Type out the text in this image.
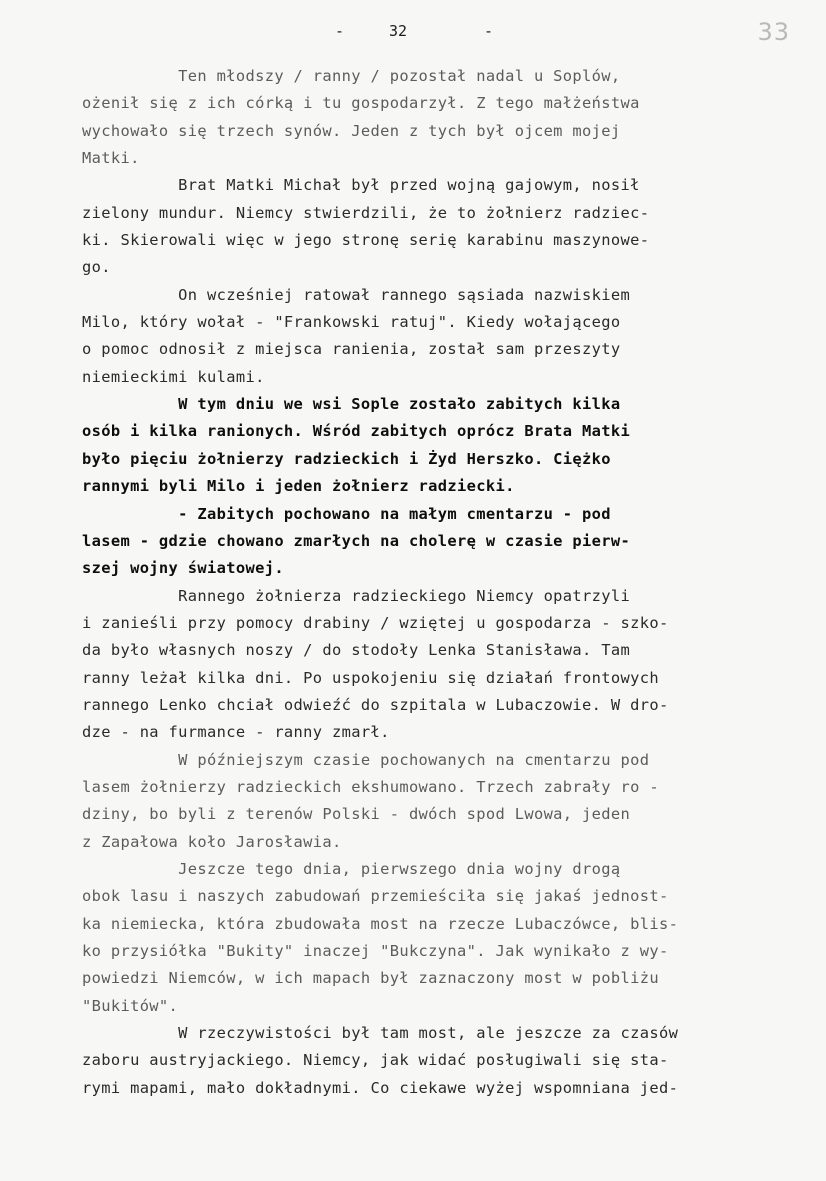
-	32	-	33
Ten młodszy / ranny / pozostał nadal u Soplów,
ożenił się z ich córką i tu gospodarzył. Z tego małżeństwa
wychowało się trzech synów. Jeden z tych był ojcem mojej
Matki.
Brat Matki Michał był przed wojną gajowym, nosił
zielony mundur. Niemcy stwierdzili, że to żołnierz radziec-
ki. Skierowali więc w jego stronę serię karabinu maszynowe-
go.
On wcześniej ratował rannego sąsiada nazwiskiem
Milo, który wołał - "Frankowski ratuj". Kiedy wołającego
o pomoc odnosił z miejsca ranienia, został sam przeszyty
niemieckimi kulami.
W tym dniu we wsi Sople zostało zabitych kilka
osób i kilka ranionych. Wśród zabitych oprócz Brata Matki
było pięciu żołnierzy radzieckich i Żyd Herszko. Ciężko
rannymi byli Milo i jeden żołnierz radziecki.
- Zabitych pochowano na małym cmentarzu - pod
lasem - gdzie chowano zmarłych na cholerę w czasie pierw-
szej wojny światowej.
Rannego żołnierza radzieckiego Niemcy opatrzyli
i zanieśli przy pomocy drabiny / wziętej u gospodarza - szko-
da było własnych noszy / do stodoły Lenka Stanisława. Tam
ranny leżał kilka dni. Po uspokojeniu się działań frontowych
rannego Lenko chciał odwieźć do szpitala w Lubaczowie. W dro-
dze - na furmance - ranny zmarł.
W późniejszym czasie pochowanych na cmentarzu pod
lasem żołnierzy radzieckich ekshumowano. Trzech zabrały ro -
dziny, bo byli z terenów Polski - dwóch spod Lwowa, jeden
z Zapałowa koło Jarosławia.
Jeszcze tego dnia, pierwszego dnia wojny drogą
obok lasu i naszych zabudowań przemieściła się jakaś jednost-
ka niemiecka, która zbudowała most na rzecze Lubaczówce, blis-
ko przysiółka "Bukity" inaczej "Bukczyna". Jak wynikało z wy-
powiedzi Niemców, w ich mapach był zaznaczony most w pobliżu
"Bukitów".
W rzeczywistości był tam most, ale jeszcze za czasów
zaboru austryjackiego. Niemcy, jak widać posługiwali się sta-
rymi mapami, mało dokładnymi. Co ciekawe wyżej wspomniana jed-
